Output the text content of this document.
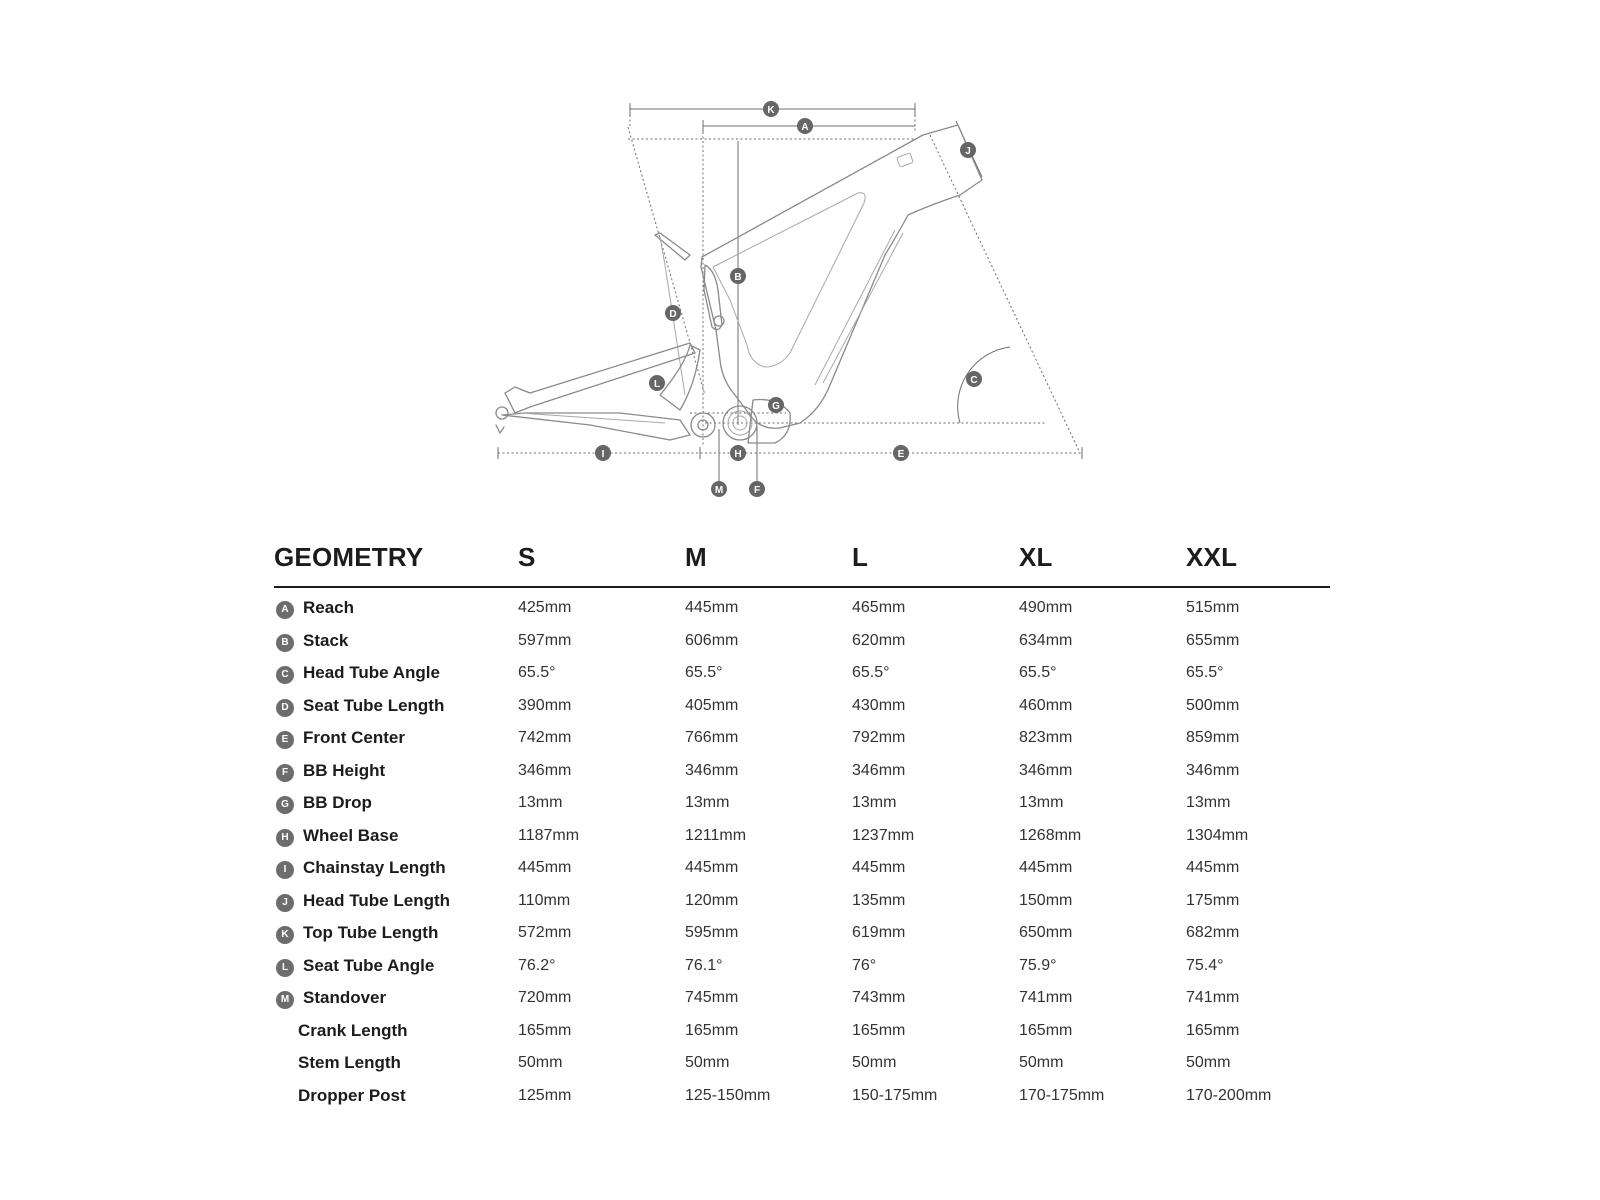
K
A
J
B
D
L	C
G
I	H	E
M	F
GEOMETRY	S	M	L	XL	XXL
A Reach	425mm	445mm	465mm	490mm	515mm
B Stack	597mm	606mm	620mm	634mm	655mm
C Head Tube Angle	65.5°	65.5°	65.5°	65.5°	65.5°
D Seat Tube Length	390mm	405mm	430mm	460mm	500mm
E Front Center	742mm	766mm	792mm	823mm	859mm
F BB Height	346mm	346mm	346mm	346mm	346mm
G BB Drop	13mm	13mm	13mm	13mm	13mm
H Wheel Base	1187mm	1211mm	1237mm	1268mm	1304mm
I Chainstay Length	445mm	445mm	445mm	445mm	445mm
J Head Tube Length	110mm	120mm	135mm	150mm	175mm
K Top Tube Length	572mm	595mm	619mm	650mm	682mm
L Seat Tube Angle	76.2°	76.1°	76°	75.9°	75.4°
M Standover	720mm	745mm	743mm	741mm	741mm
Crank Length	165mm	165mm	165mm	165mm	165mm
Stem Length	50mm	50mm	50mm	50mm	50mm
Dropper Post	125mm	125-150mm	150-175mm	170-175mm	170-200mm
